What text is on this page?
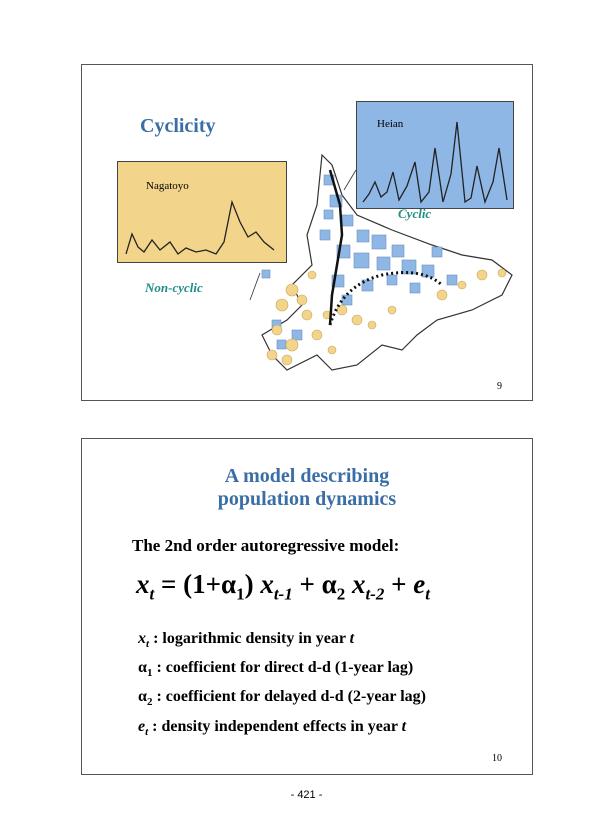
Cyclicity
Nagatoyo
Heian
Cyclic
Non-cyclic
9
A model describing
population dynamics
The 2nd order autoregressive model:
$x_t = (1+\alpha_1) x_{t-1} + \alpha_2$ $x_{t-2} + e_t$
$x_t$ : logarithmic density in year t
$\alpha_1$ : coefficient for direct d-d (1-year lag)
$\alpha_2$ : coefficient for delayed d-d (2-year lag)
$e_t$ : density independent effects in year t
10
- 421 -
